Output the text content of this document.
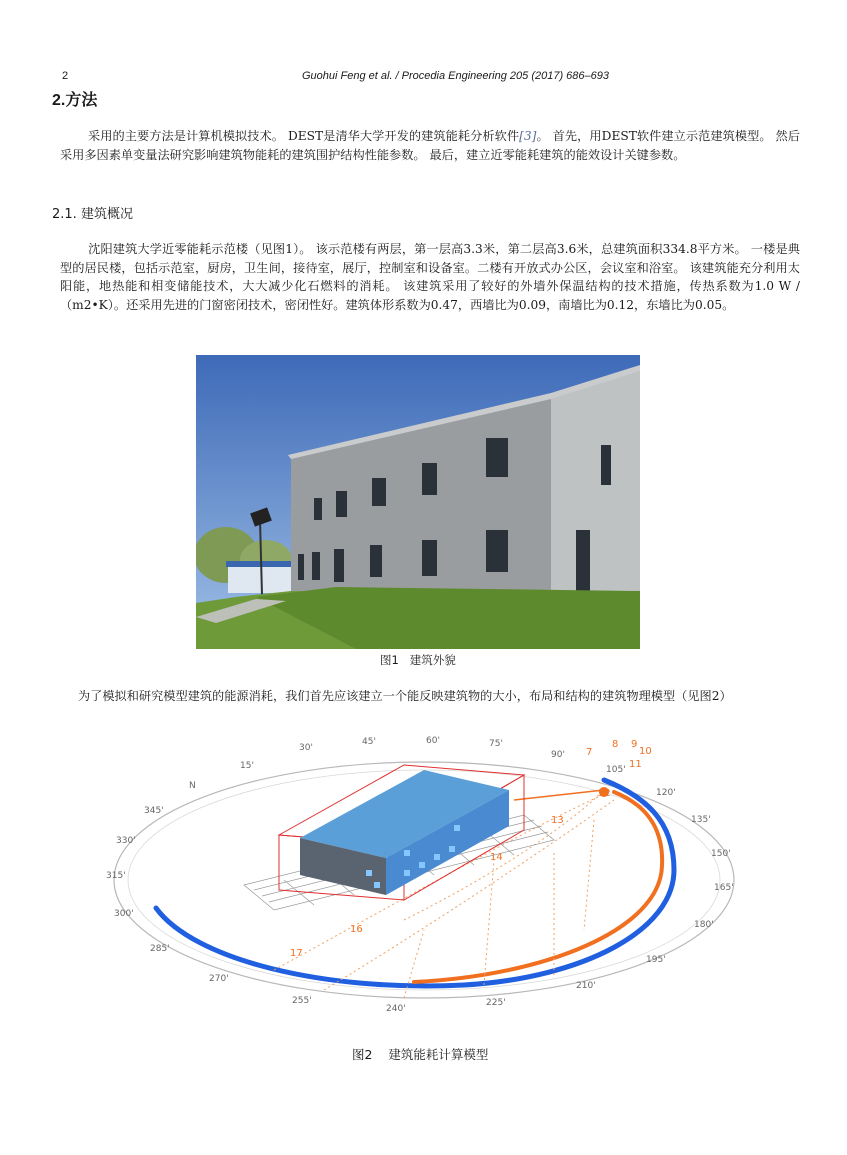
2	Guohui Feng et al. / Procedia Engineering 205 (2017) 686–693
2.方法
采用的主要方法是计算机模拟技术。 DEST是清华大学开发的建筑能耗分析软件[3]。 首先，用DEST软件建立示范建筑模型。 然后采用多因素单变量法研究影响建筑物能耗的建筑围护结构性能参数。 最后，建立近零能耗建筑的能效设计关键参数。
2.1. 建筑概况
沈阳建筑大学近零能耗示范楼（见图1）。 该示范楼有两层，第一层高3.3米，第二层高3.6米，总建筑面积334.8平方米。 一楼是典型的居民楼，包括示范室，厨房，卫生间，接待室，展厅，控制室和设备室。二楼有开放式办公区，会议室和浴室。 该建筑能充分利用太阳能，地热能和相变储能技术，大大减少化石燃料的消耗。 该建筑采用了较好的外墙外保温结构的技术措施，传热系数为1.0 W /（m2•K）。还采用先进的门窗密闭技术，密闭性好。建筑体形系数为0.47，西墙比为0.09，南墙比为0.12，东墙比为0.05。
图1 建筑外貌
为了模拟和研究模型建筑的能源消耗，我们首先应该建立一个能反映建筑物的大小，布局和结构的建筑物理模型（见图2）
N
30'
45'	60'	75'
90'
105'
120'
135'
150'
165'
180'
195'
210'
225'
240'
255'
270'
285'
300'
315'
330'
345'
15'
7
8 9
10
11
12
13
14
16
17
图2 建筑能耗计算模型
